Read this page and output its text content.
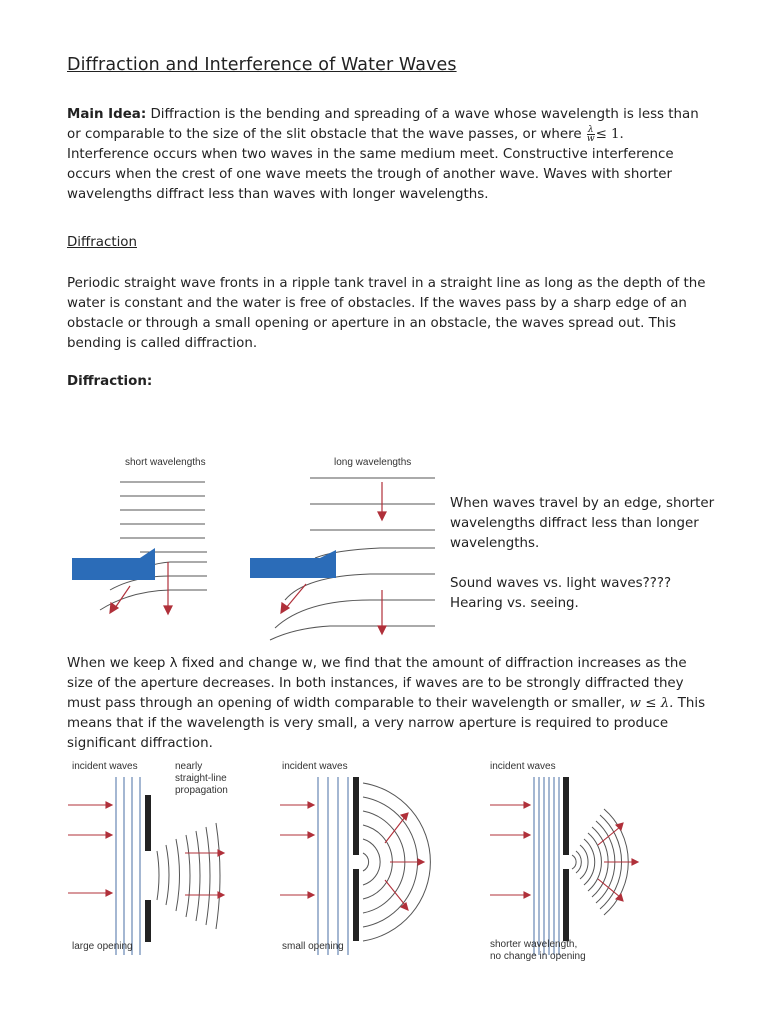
Diffraction and Interference of Water Waves
Main Idea: Diffraction is the bending and spreading of a wave whose wavelength is less than or comparable to the size of the slit obstacle that the wave passes, or where $\frac{\lambda}{w} \le 1$.
Interference occurs when two waves in the same medium meet. Constructive interference occurs when the crest of one wave meets the trough of another wave. Waves with shorter wavelengths diffract less than waves with longer wavelengths.
Diffraction
Periodic straight wave fronts in a ripple tank travel in a straight line as long as the depth of the water is constant and the water is free of obstacles. If the waves pass by a sharp edge of an obstacle or through a small opening or aperture in an obstacle, the waves spread out. This bending is called diffraction.
Diffraction:
short wavelengths	long wavelengths
When waves travel by an edge, shorter wavelengths diffract less than longer wavelengths.
Sound waves vs. light waves????
Hearing vs. seeing.
When we keep λ fixed and change w, we find that the amount of diffraction increases as the size of the aperture decreases. In both instances, if waves are to be strongly diffracted they must pass through an opening of width comparable to their wavelength or smaller, w ≤ λ. This means that if the wavelength is very small, a very narrow aperture is required to produce significant diffraction.
incident waves	nearly
straight-line
propagation
large opening
incident waves
small opening
incident waves
shorter wavelength,
no change in opening
